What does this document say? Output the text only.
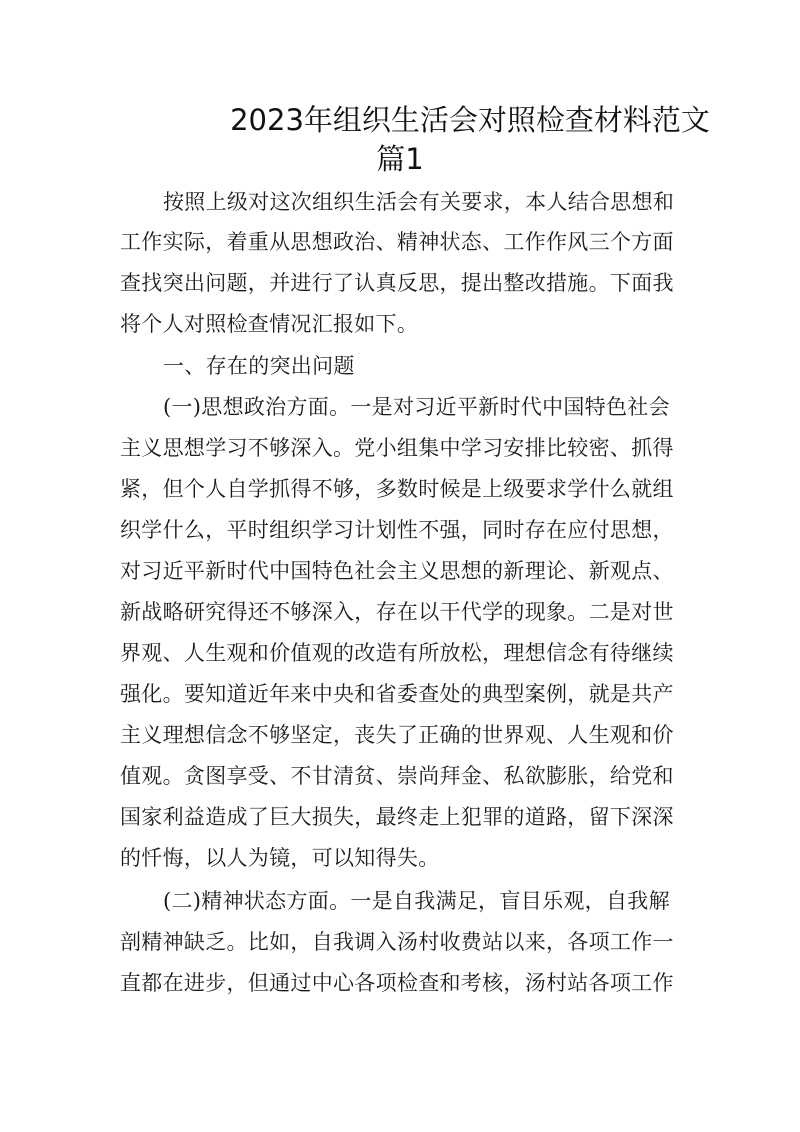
2023年组织生活会对照检查材料范文
篇1
按照上级对这次组织生活会有关要求，本人结合思想和
工作实际，着重从思想政治、精神状态、工作作风三个方面
查找突出问题，并进行了认真反思，提出整改措施。下面我
将个人对照检查情况汇报如下。
一、存在的突出问题
(一)思想政治方面。一是对习近平新时代中国特色社会
主义思想学习不够深入。党小组集中学习安排比较密、抓得
紧，但个人自学抓得不够，多数时候是上级要求学什么就组
织学什么，平时组织学习计划性不强，同时存在应付思想，
对习近平新时代中国特色社会主义思想的新理论、新观点、
新战略研究得还不够深入，存在以干代学的现象。二是对世
界观、人生观和价值观的改造有所放松，理想信念有待继续
强化。要知道近年来中央和省委查处的典型案例，就是共产
主义理想信念不够坚定，丧失了正确的世界观、人生观和价
值观。贪图享受、不甘清贫、崇尚拜金、私欲膨胀，给党和
国家利益造成了巨大损失，最终走上犯罪的道路，留下深深
的忏悔，以人为镜，可以知得失。
(二)精神状态方面。一是自我满足，盲目乐观，自我解
剖精神缺乏。比如，自我调入汤村收费站以来，各项工作一
直都在进步，但通过中心各项检查和考核，汤村站各项工作
